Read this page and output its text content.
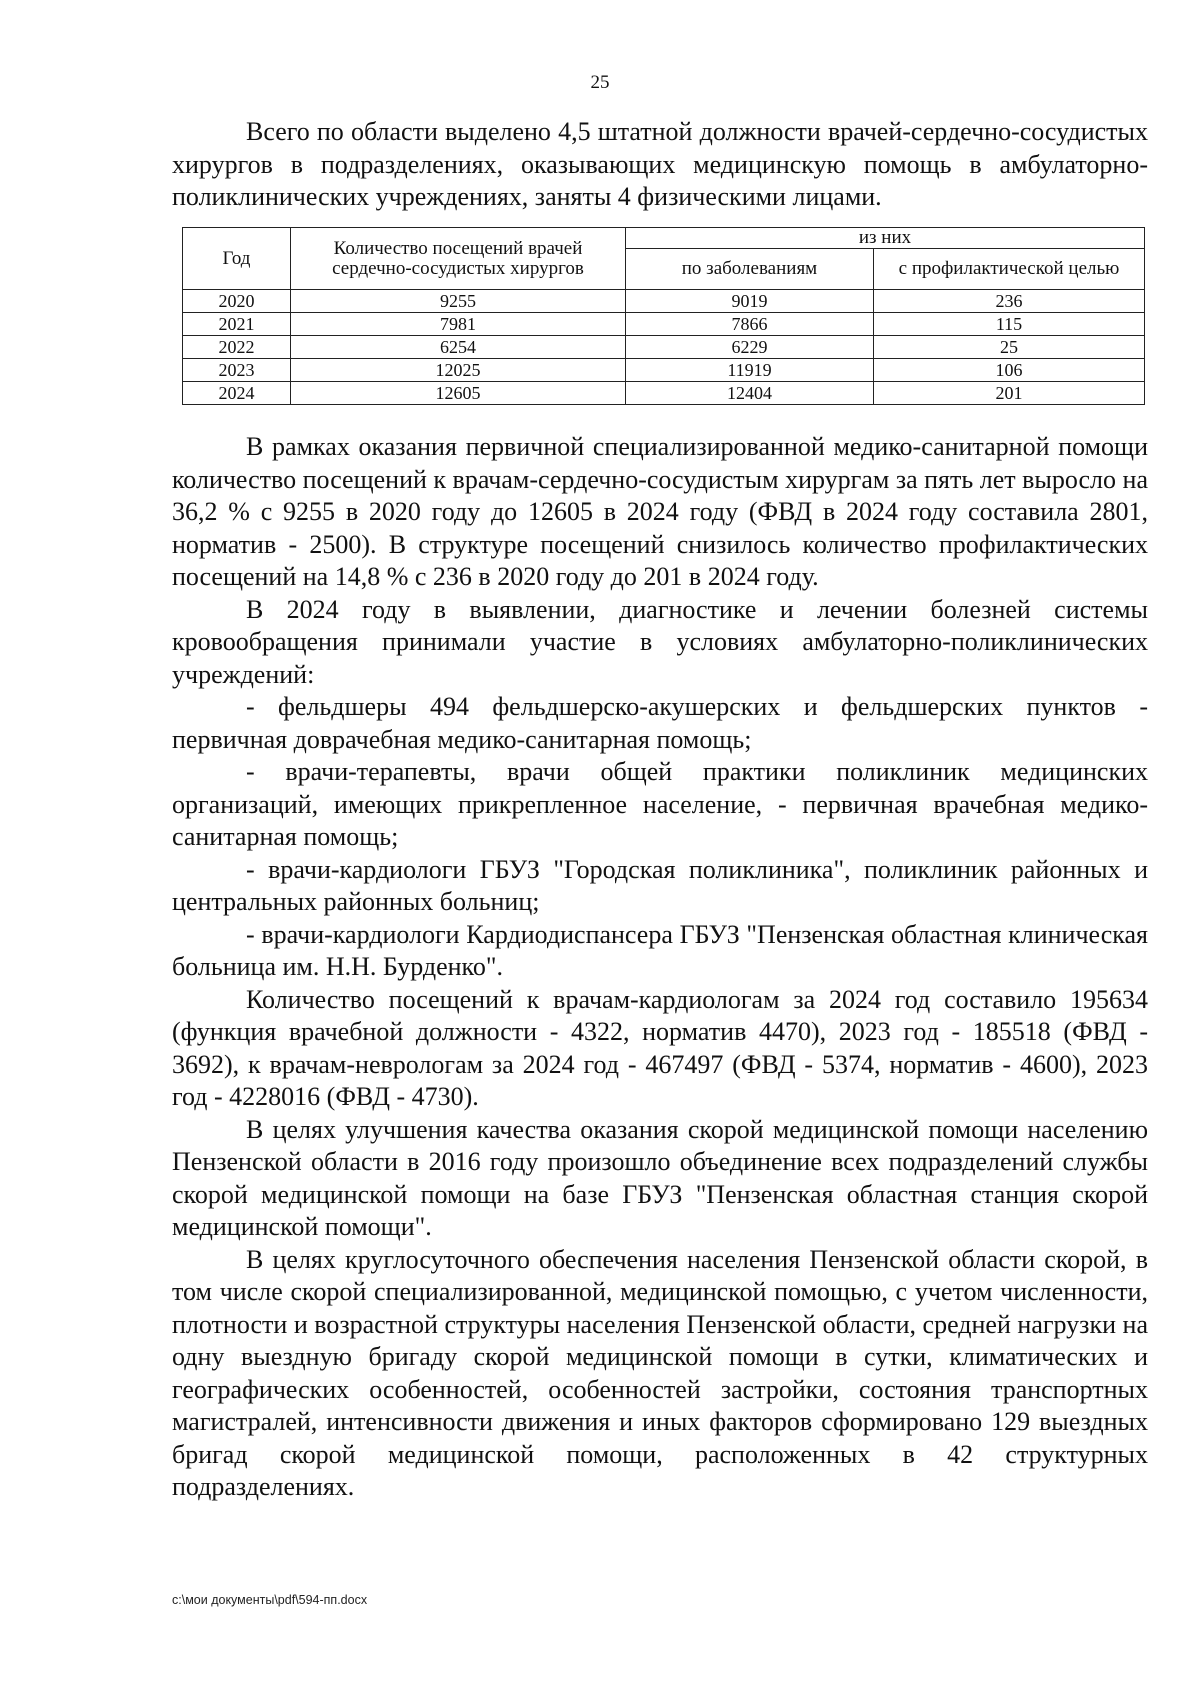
25

Всего по области выделено 4,5 штатной должности врачей-сердечно-сосудистых хирургов в подразделениях, оказывающих медицинскую помощь в амбулаторно-поликлинических учреждениях, заняты 4 физическими лицами.

Год	Количество посещений врачей сердечно-сосудистых хирургов	из них	
		по заболеваниям	с профилактической целью
2020	9255	9019	236
2021	7981	7866	115
2022	6254	6229	25
2023	12025	11919	106
2024	12605	12404	201

В рамках оказания первичной специализированной медико-санитарной помощи количество посещений к врачам-сердечно-сосудистым хирургам за пять лет выросло на 36,2 % с 9255 в 2020 году до 12605 в 2024 году (ФВД в 2024 году составила 2801, норматив - 2500). В структуре посещений снизилось количество профилактических посещений на 14,8 % с 236 в 2020 году до 201 в 2024 году.

В 2024 году в выявлении, диагностике и лечении болезней системы кровообращения принимали участие в условиях амбулаторно-поликлинических учреждений:

- фельдшеры 494 фельдшерско-акушерских и фельдшерских пунктов - первичная доврачебная медико-санитарная помощь;

- врачи-терапевты, врачи общей практики поликлиник медицинских организаций, имеющих прикрепленное население, - первичная врачебная медико-санитарная помощь;

- врачи-кардиологи ГБУЗ "Городская поликлиника", поликлиник районных и центральных районных больниц;

- врачи-кардиологи Кардиодиспансера ГБУЗ "Пензенская областная клиническая больница им. Н.Н. Бурденко".

Количество посещений к врачам-кардиологам за 2024 год составило 195634 (функция врачебной должности - 4322, норматив 4470), 2023 год - 185518 (ФВД - 3692), к врачам-неврологам за 2024 год - 467497 (ФВД - 5374, норматив - 4600), 2023 год - 4228016 (ФВД - 4730).

В целях улучшения качества оказания скорой медицинской помощи населению Пензенской области в 2016 году произошло объединение всех подразделений службы скорой медицинской помощи на базе ГБУЗ "Пензенская областная станция скорой медицинской помощи".

В целях круглосуточного обеспечения населения Пензенской области скорой, в том числе скорой специализированной, медицинской помощью, с учетом численности, плотности и возрастной структуры населения Пензенской области, средней нагрузки на одну выездную бригаду скорой медицинской помощи в сутки, климатических и географических особенностей, особенностей застройки, состояния транспортных магистралей, интенсивности движения и иных факторов сформировано 129 выездных бригад скорой медицинской помощи, расположенных в 42 структурных подразделениях.

c:\мои документы\pdf\594-пп.docx
